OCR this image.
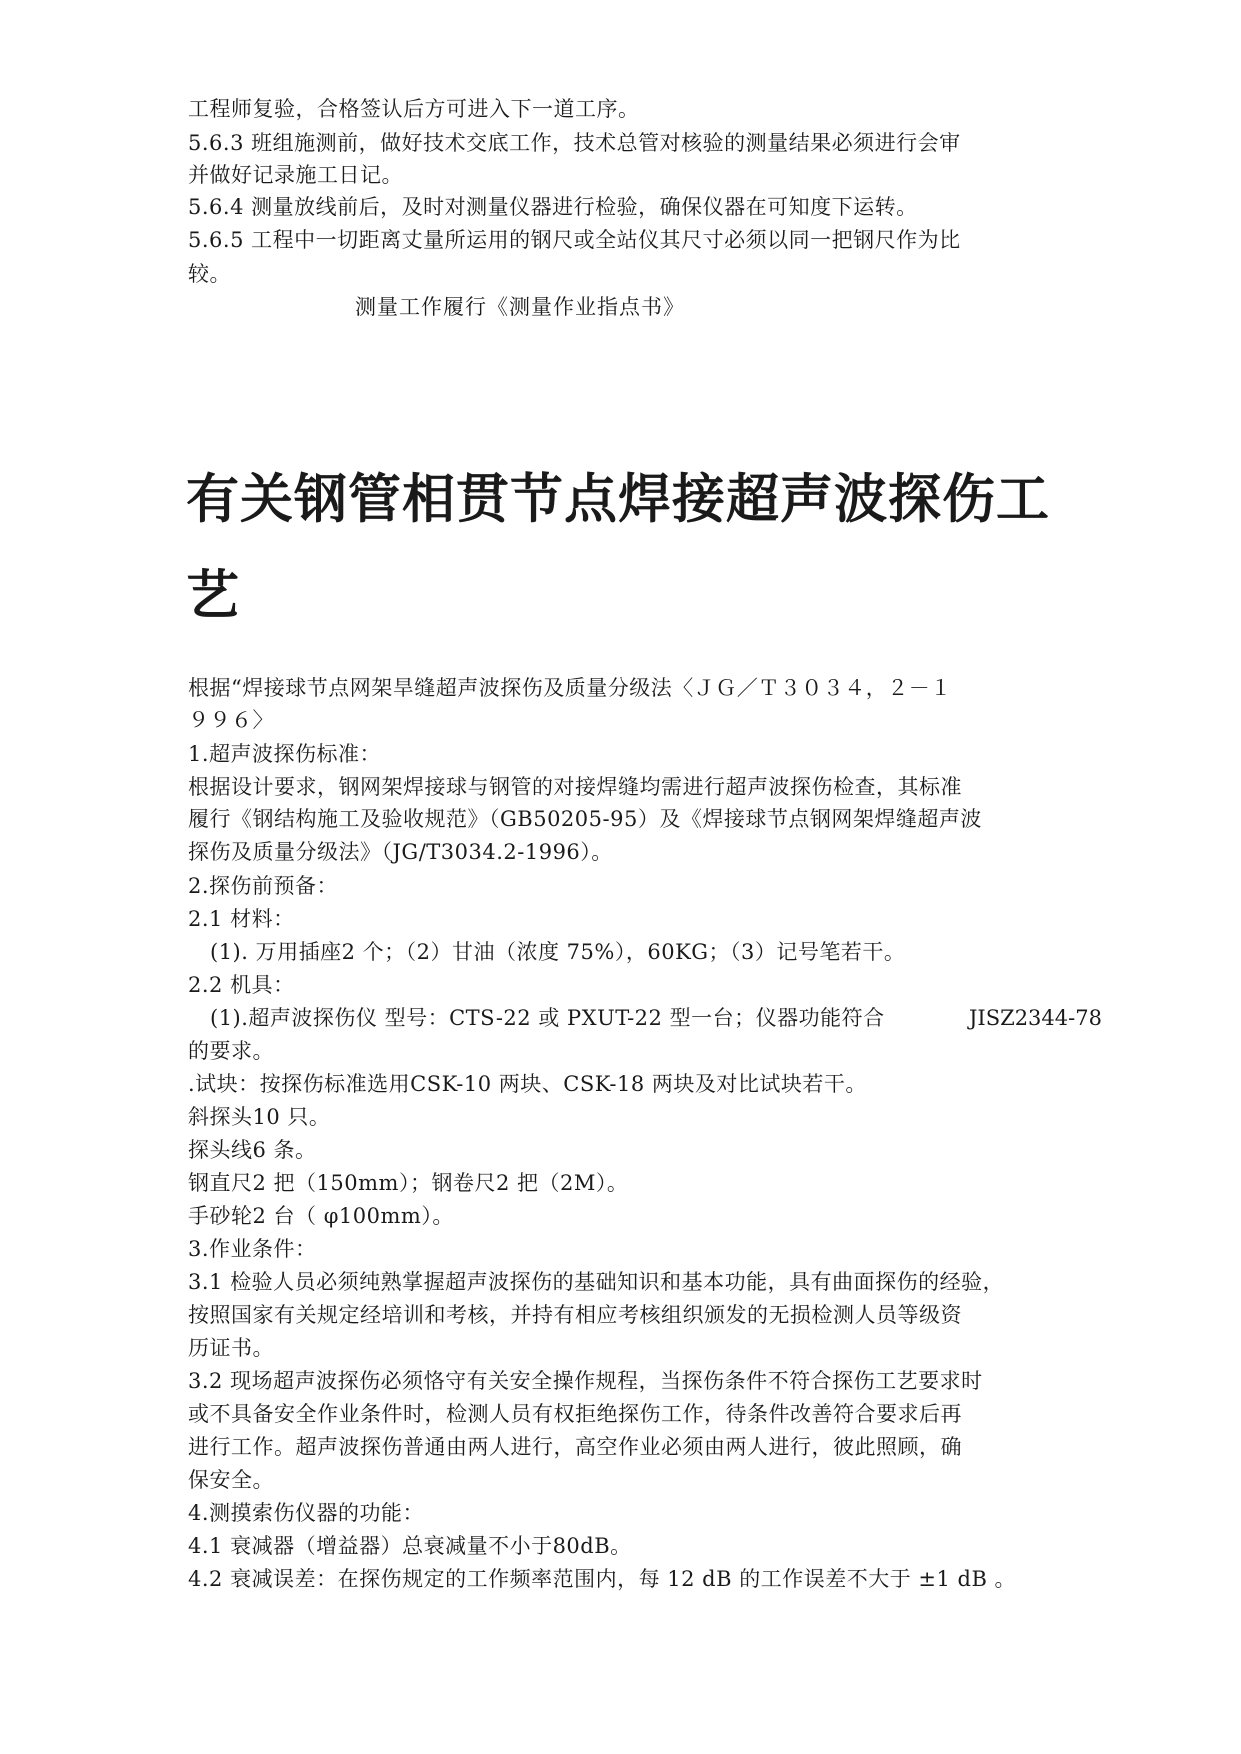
工程师复验，合格签认后方可进入下一道工序。
5.6.3 班组施测前，做好技术交底工作，技术总管对核验的测量结果必须进行会审
并做好记录施工日记。
5.6.4 测量放线前后，及时对测量仪器进行检验，确保仪器在可知度下运转。
5.6.5 工程中一切距离丈量所运用的钢尺或全站仪其尺寸必须以同一把钢尺作为比
较。
测量工作履行《测量作业指点书》
有关钢管相贯节点焊接超声波探伤工
艺
根据“焊接球节点网架旱缝超声波探伤及质量分级法〈ＪＧ／Ｔ３０３４，２－１
９９６〉
1.超声波探伤标准：
根据设计要求，钢网架焊接球与钢管的对接焊缝均需进行超声波探伤检查，其标准
履行《钢结构施工及验收规范》（GB50205-95）及《焊接球节点钢网架焊缝超声波
探伤及质量分级法》（JG/T3034.2-1996）。
2.探伤前预备：
2.1 材料：
(1). 万用插座2 个；（2）甘油（浓度 75%），60KG；（3）记号笔若干。
2.2 机具：
(1).超声波探伤仪 型号：CTS-22 或 PXUT-22 型一台；仪器功能符合	JISZ2344-78
的要求。
.试块：按探伤标准选用CSK-10 两块、CSK-18 两块及对比试块若干。
斜探头10 只。
探头线6 条。
钢直尺2 把（150mm）；钢卷尺2 把（2M）。
手砂轮2 台（ φ100mm）。
3.作业条件：
3.1 检验人员必须纯熟掌握超声波探伤的基础知识和基本功能，具有曲面探伤的经验，
按照国家有关规定经培训和考核，并持有相应考核组织颁发的无损检测人员等级资
历证书。
3.2 现场超声波探伤必须恪守有关安全操作规程，当探伤条件不符合探伤工艺要求时
或不具备安全作业条件时，检测人员有权拒绝探伤工作，待条件改善符合要求后再
进行工作。超声波探伤普通由两人进行，高空作业必须由两人进行，彼此照顾，确
保安全。
4.测摸索伤仪器的功能：
4.1 衰减器（增益器）总衰减量不小于80dB。
4.2 衰减误差：在探伤规定的工作频率范围内，每 12 dB 的工作误差不大于 ±1 dB 。
